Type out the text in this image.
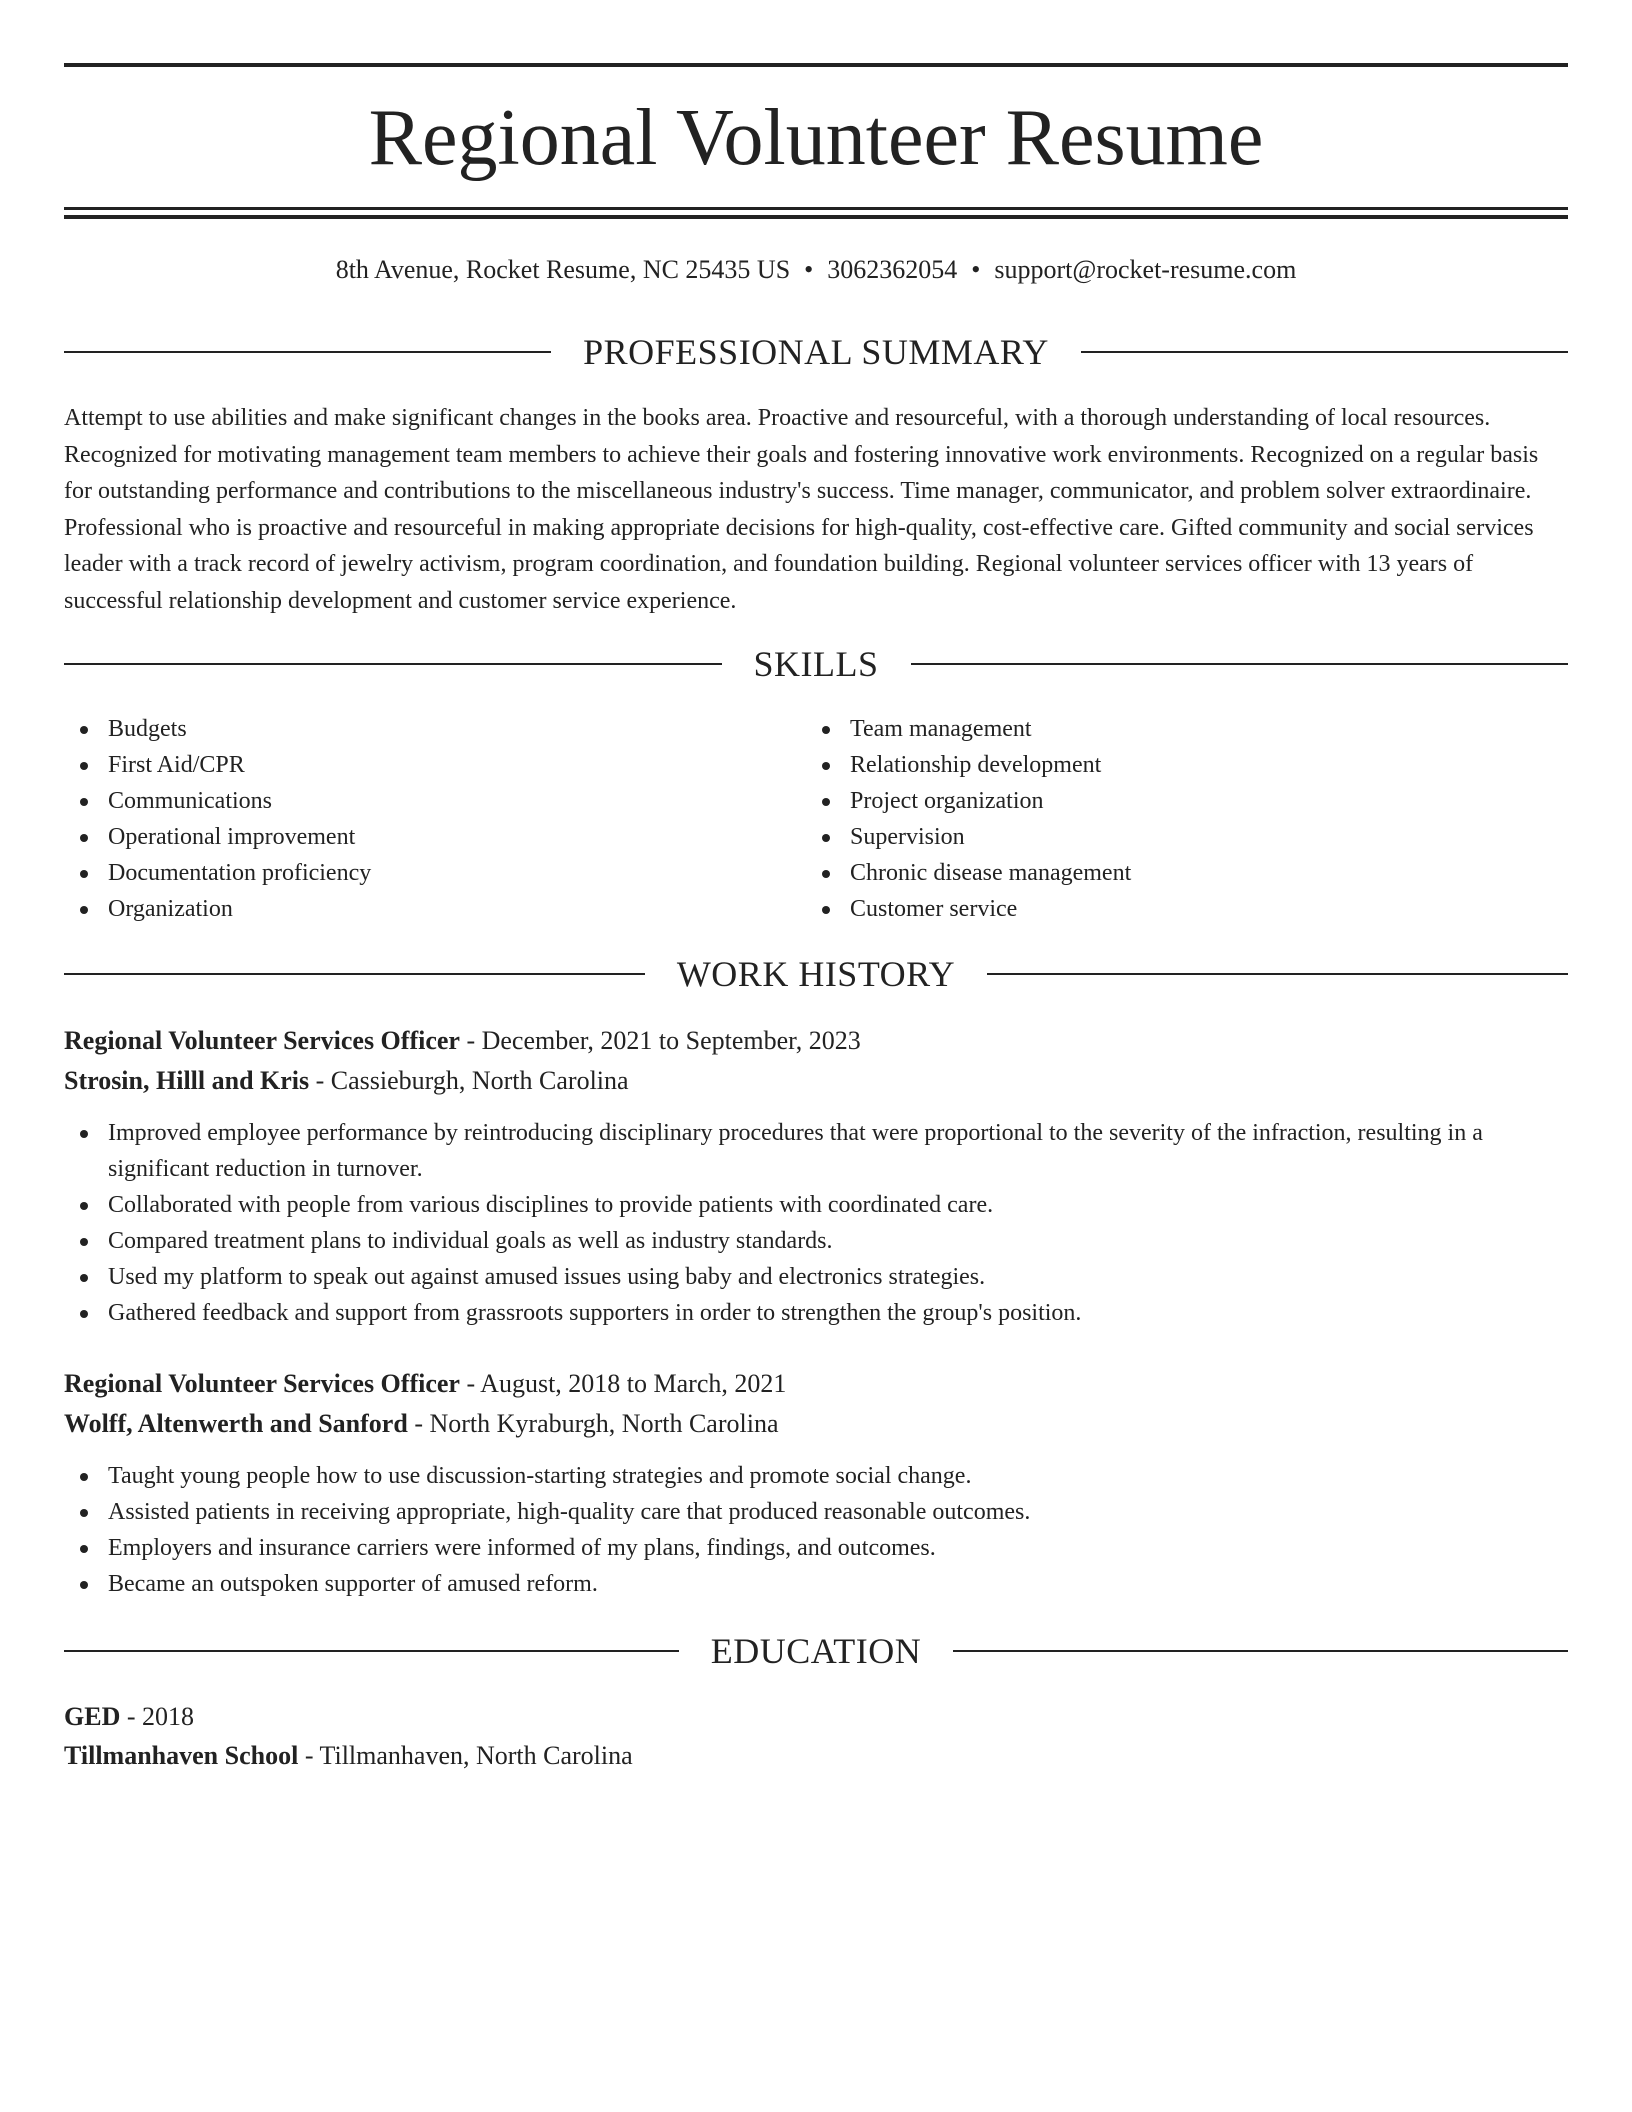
Regional Volunteer Resume
8th Avenue, Rocket Resume, NC 25435 US • 3062362054 • support@rocket-resume.com
PROFESSIONAL SUMMARY

Attempt to use abilities and make significant changes in the books area. Proactive and resourceful, with a thorough understanding of local resources. Recognized for motivating management team members to achieve their goals and fostering innovative work environments. Recognized on a regular basis for outstanding performance and contributions to the miscellaneous industry's success. Time manager, communicator, and problem solver extraordinaire. Professional who is proactive and resourceful in making appropriate decisions for high-quality, cost-effective care. Gifted community and social services leader with a track record of jewelry activism, program coordination, and foundation building. Regional volunteer services officer with 13 years of successful relationship development and customer service experience.

SKILLS
Budgets
First Aid/CPR
Communications
Operational improvement
Documentation proficiency
Organization
Team management
Relationship development
Project organization
Supervision
Chronic disease management
Customer service
WORK HISTORY
Regional Volunteer Services Officer - December, 2021 to September, 2023
Strosin, Hilll and Kris - Cassieburgh, North Carolina
Improved employee performance by reintroducing disciplinary procedures that were proportional to the severity of the infraction, resulting in a significant reduction in turnover.
Collaborated with people from various disciplines to provide patients with coordinated care.
Compared treatment plans to individual goals as well as industry standards.
Used my platform to speak out against amused issues using baby and electronics strategies.
Gathered feedback and support from grassroots supporters in order to strengthen the group's position.
Regional Volunteer Services Officer - August, 2018 to March, 2021
Wolff, Altenwerth and Sanford - North Kyraburgh, North Carolina
Taught young people how to use discussion-starting strategies and promote social change.
Assisted patients in receiving appropriate, high-quality care that produced reasonable outcomes.
Employers and insurance carriers were informed of my plans, findings, and outcomes.
Became an outspoken supporter of amused reform.
EDUCATION
GED - 2018
Tillmanhaven School - Tillmanhaven, North Carolina
